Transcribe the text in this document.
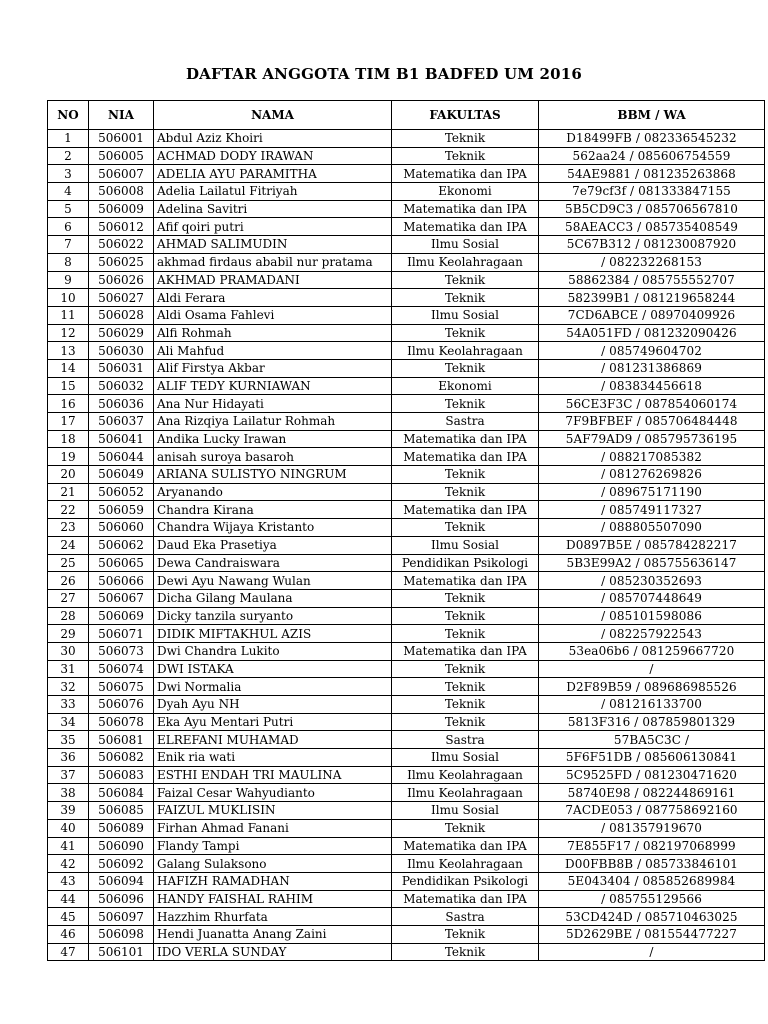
DAFTAR ANGGOTA TIM B1 BADFED UM 2016
NO	NIA	NAMA	FAKULTAS	BBM / WA
1	506001	Abdul Aziz Khoiri	Teknik	D18499FB / 082336545232
2	506005	ACHMAD DODY IRAWAN	Teknik	562aa24 / 085606754559
3	506007	ADELIA AYU PARAMITHA	Matematika dan IPA	54AE9881 / 081235263868
4	506008	Adelia Lailatul Fitriyah	Ekonomi	7e79cf3f / 081333847155
5	506009	Adelina Savitri	Matematika dan IPA	5B5CD9C3 / 085706567810
6	506012	Afif qoiri putri	Matematika dan IPA	58AEACC3 / 085735408549
7	506022	AHMAD SALIMUDIN	Ilmu Sosial	5C67B312 / 081230087920
8	506025	akhmad firdaus ababil nur pratama	Ilmu Keolahragaan	/ 082232268153
9	506026	AKHMAD PRAMADANI	Teknik	58862384 / 085755552707
10	506027	Aldi Ferara	Teknik	582399B1 / 081219658244
11	506028	Aldi Osama Fahlevi	Ilmu Sosial	7CD6ABCE / 08970409926
12	506029	Alfi Rohmah	Teknik	54A051FD / 081232090426
13	506030	Ali Mahfud	Ilmu Keolahragaan	/ 085749604702
14	506031	Alif Firstya Akbar	Teknik	/ 081231386869
15	506032	ALIF TEDY KURNIAWAN	Ekonomi	/ 083834456618
16	506036	Ana Nur Hidayati	Teknik	56CE3F3C / 087854060174
17	506037	Ana Rizqiya Lailatur Rohmah	Sastra	7F9BFBEF / 085706484448
18	506041	Andika Lucky Irawan	Matematika dan IPA	5AF79AD9 / 085795736195
19	506044	anisah suroya basaroh	Matematika dan IPA	/ 088217085382
20	506049	ARIANA SULISTYO NINGRUM	Teknik	/ 081276269826
21	506052	Aryanando	Teknik	/ 089675171190
22	506059	Chandra Kirana	Matematika dan IPA	/ 085749117327
23	506060	Chandra Wijaya Kristanto	Teknik	/ 088805507090
24	506062	Daud Eka Prasetiya	Ilmu Sosial	D0897B5E / 085784282217
25	506065	Dewa Candraiswara	Pendidikan Psikologi	5B3E99A2 / 085755636147
26	506066	Dewi Ayu Nawang Wulan	Matematika dan IPA	/ 085230352693
27	506067	Dicha Gilang Maulana	Teknik	/ 085707448649
28	506069	Dicky tanzila suryanto	Teknik	/ 085101598086
29	506071	DIDIK MIFTAKHUL AZIS	Teknik	/ 082257922543
30	506073	Dwi Chandra Lukito	Matematika dan IPA	53ea06b6 / 081259667720
31	506074	DWI ISTAKA	Teknik	/
32	506075	Dwi Normalia	Teknik	D2F89B59 / 089686985526
33	506076	Dyah Ayu NH	Teknik	/ 081216133700
34	506078	Eka Ayu Mentari Putri	Teknik	5813F316 / 087859801329
35	506081	ELREFANI MUHAMAD	Sastra	57BA5C3C /
36	506082	Enik ria wati	Ilmu Sosial	5F6F51DB / 085606130841
37	506083	ESTHI ENDAH TRI MAULINA	Ilmu Keolahragaan	5C9525FD / 081230471620
38	506084	Faizal Cesar Wahyudianto	Ilmu Keolahragaan	58740E98 / 082244869161
39	506085	FAIZUL MUKLISIN	Ilmu Sosial	7ACDE053 / 087758692160
40	506089	Firhan Ahmad Fanani	Teknik	/ 081357919670
41	506090	Flandy Tampi	Matematika dan IPA	7E855F17 / 082197068999
42	506092	Galang Sulaksono	Ilmu Keolahragaan	D00FBB8B / 085733846101
43	506094	HAFIZH RAMADHAN	Pendidikan Psikologi	5E043404 / 085852689984
44	506096	HANDY FAISHAL RAHIM	Matematika dan IPA	/ 085755129566
45	506097	Hazzhim Rhurfata	Sastra	53CD424D / 085710463025
46	506098	Hendi Juanatta Anang Zaini	Teknik	5D2629BE / 081554477227
47	506101	IDO VERLA SUNDAY	Teknik	/
